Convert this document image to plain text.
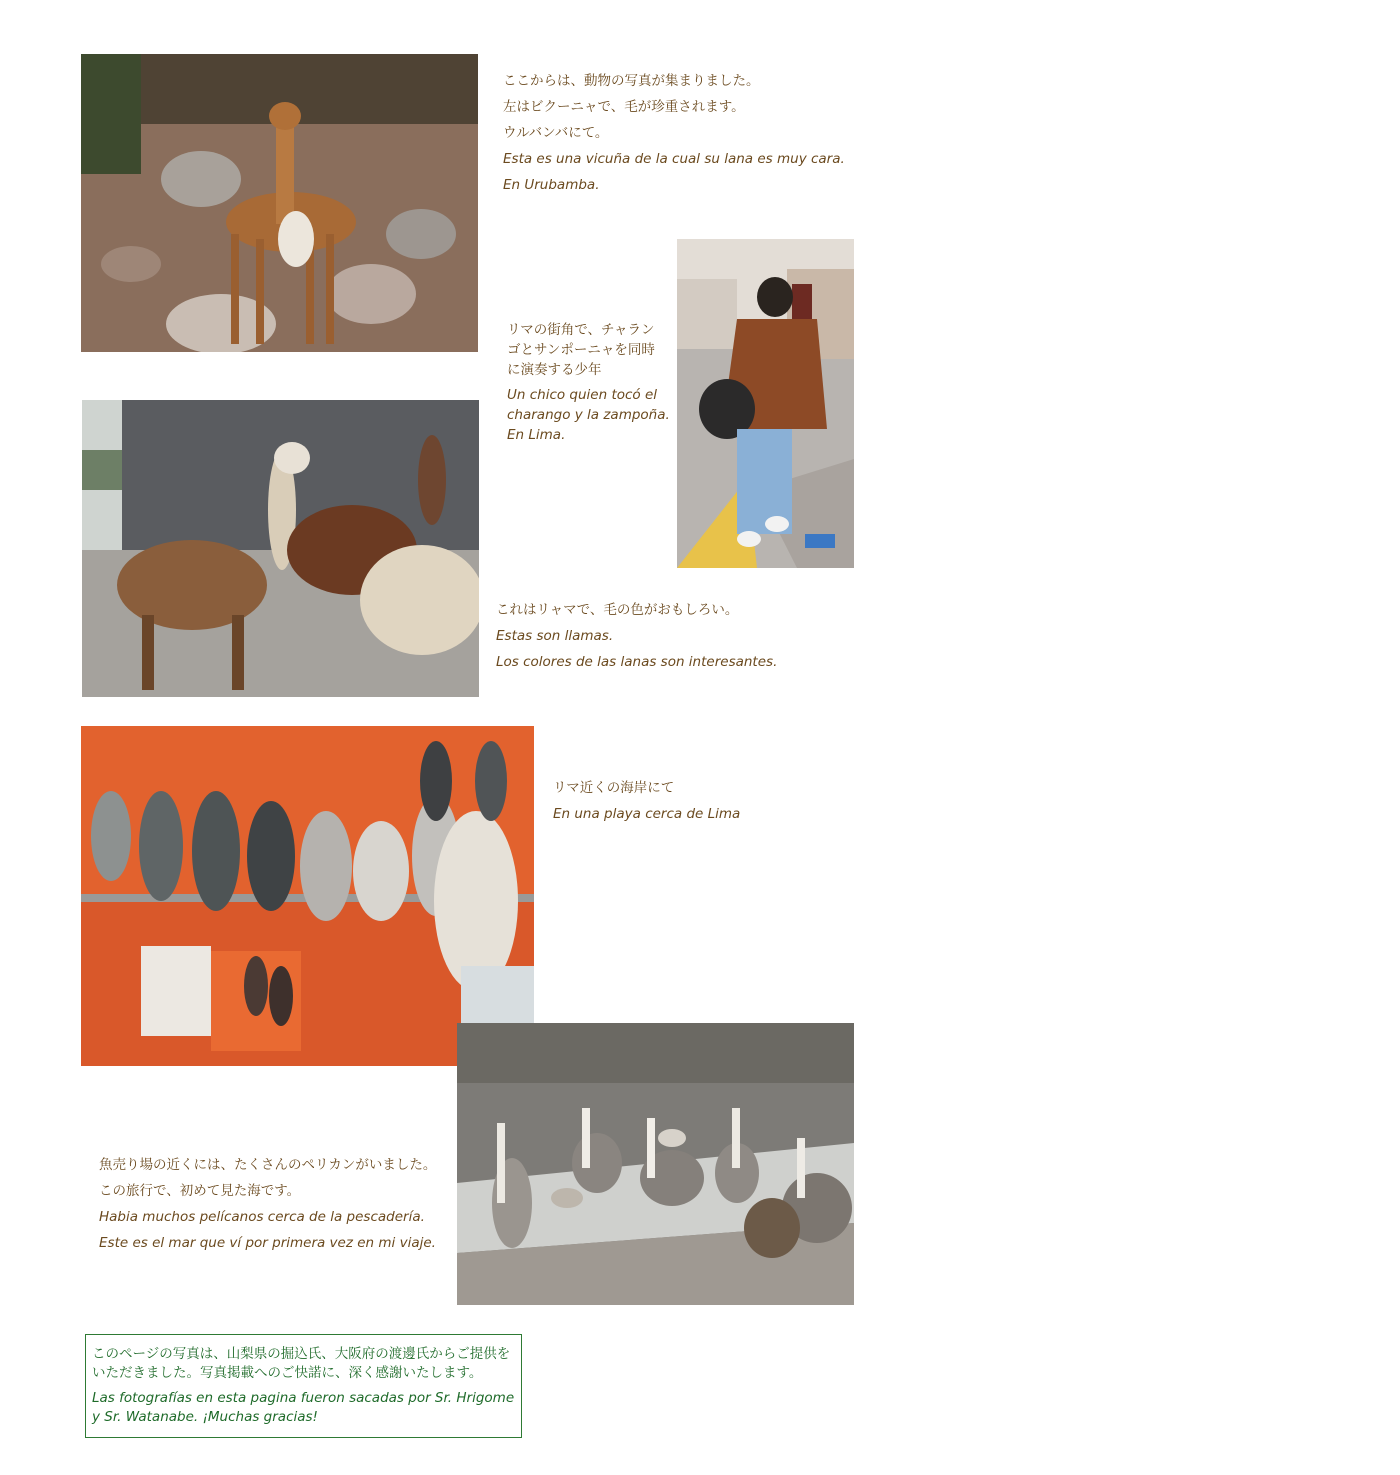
ここからは、動物の写真が集まりました。

左はビクーニャで、毛が珍重されます。

ウルバンバにて。

Esta es una vicuña de la cual su lana es muy cara.

En Urubamba.

リマの街角で、チャラン

ゴとサンポーニャを同時

に演奏する少年

Un chico quien tocó el

charango y la zampoña.

En Lima.

これはリャマで、毛の色がおもしろい。

Estas son llamas.

Los colores de las lanas son interesantes.

リマ近くの海岸にて

En una playa cerca de Lima

魚売り場の近くには、たくさんのペリカンがいました。

この旅行で、初めて見た海です。

Habia muchos pelícanos cerca de la pescadería.

Este es el mar que ví por primera vez en mi viaje.

このページの写真は、山梨県の掘込氏、大阪府の渡邊氏からご提供を

いただきました。写真掲載へのご快諾に、深く感謝いたします。

Las fotografías en esta pagina fueron sacadas por Sr. Hrigome

y Sr. Watanabe. ¡Muchas gracias!
